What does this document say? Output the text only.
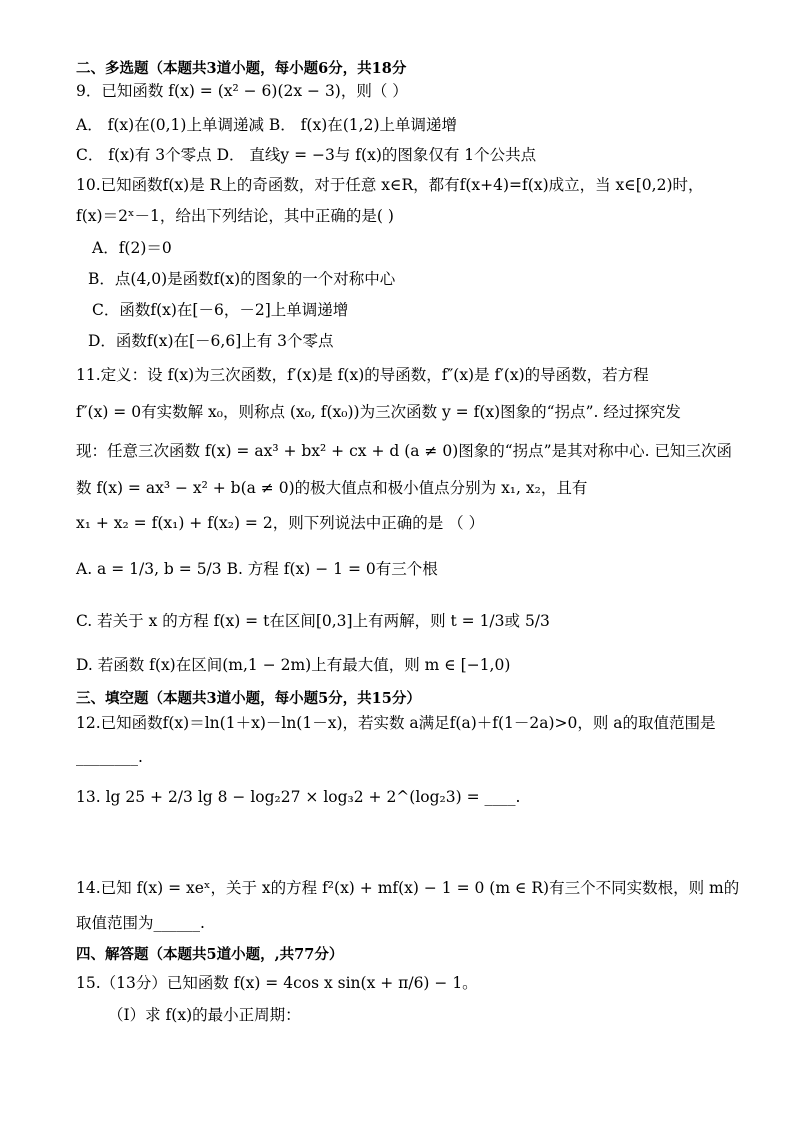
二、多选题（本题共3道小题，每小题6分，共18分
9．已知函数 f(x) = (x² − 6)(2x − 3)，则（ ）
A． f(x)在(0,1)上单调递减 B． f(x)在(1,2)上单调递增
C． f(x)有 3个零点 D． 直线y = −3与 f(x)的图象仅有 1个公共点
10.已知函数f(x)是 R上的奇函数，对于任意 x∈R，都有f(x+4)=f(x)成立，当 x∈[0,2)时，
f(x)＝2ˣ－1，给出下列结论，其中正确的是( )
A．f(2)＝0
B．点(4,0)是函数f(x)的图象的一个对称中心
C．函数f(x)在[－6，－2]上单调递增
D．函数f(x)在[－6,6]上有 3个零点
11.定义：设 f(x)为三次函数，f′(x)是 f(x)的导函数，f″(x)是 f′(x)的导函数，若方程
f″(x) = 0有实数解 x₀，则称点 (x₀, f(x₀))为三次函数 y = f(x)图象的“拐点”. 经过探究发
现：任意三次函数 f(x) = ax³ + bx² + cx + d (a ≠ 0)图象的“拐点”是其对称中心. 已知三次函
数 f(x) = ax³ − x² + b(a ≠ 0)的极大值点和极小值点分别为 x₁, x₂，且有
x₁ + x₂ = f(x₁) + f(x₂) = 2，则下列说法中正确的是 （ ）
A. a = 1/3, b = 5/3 B. 方程 f(x) − 1 = 0有三个根
C. 若关于 x 的方程 f(x) = t在区间[0,3]上有两解，则 t = 1/3或 5/3
D. 若函数 f(x)在区间(m,1 − 2m)上有最大值，则 m ∈ [−1,0)
三、填空题（本题共3道小题，每小题5分，共15分）
12.已知函数f(x)＝ln(1＋x)－ln(1－x)，若实数 a满足f(a)＋f(1－2a)>0，则 a的取值范围是
________.
13. lg 25 + 2/3 lg 8 − log₂27 × log₃2 + 2^(log₂3) = ____.
14.已知 f(x) = xeˣ，关于 x的方程 f²(x) + mf(x) − 1 = 0 (m ∈ R)有三个不同实数根，则 m的
取值范围为______.
四、解答题（本题共5道小题，,共77分）
15.（13分）已知函数 f(x) = 4cos x sin(x + π/6) − 1。
（Ⅰ）求 f(x)的最小正周期：
